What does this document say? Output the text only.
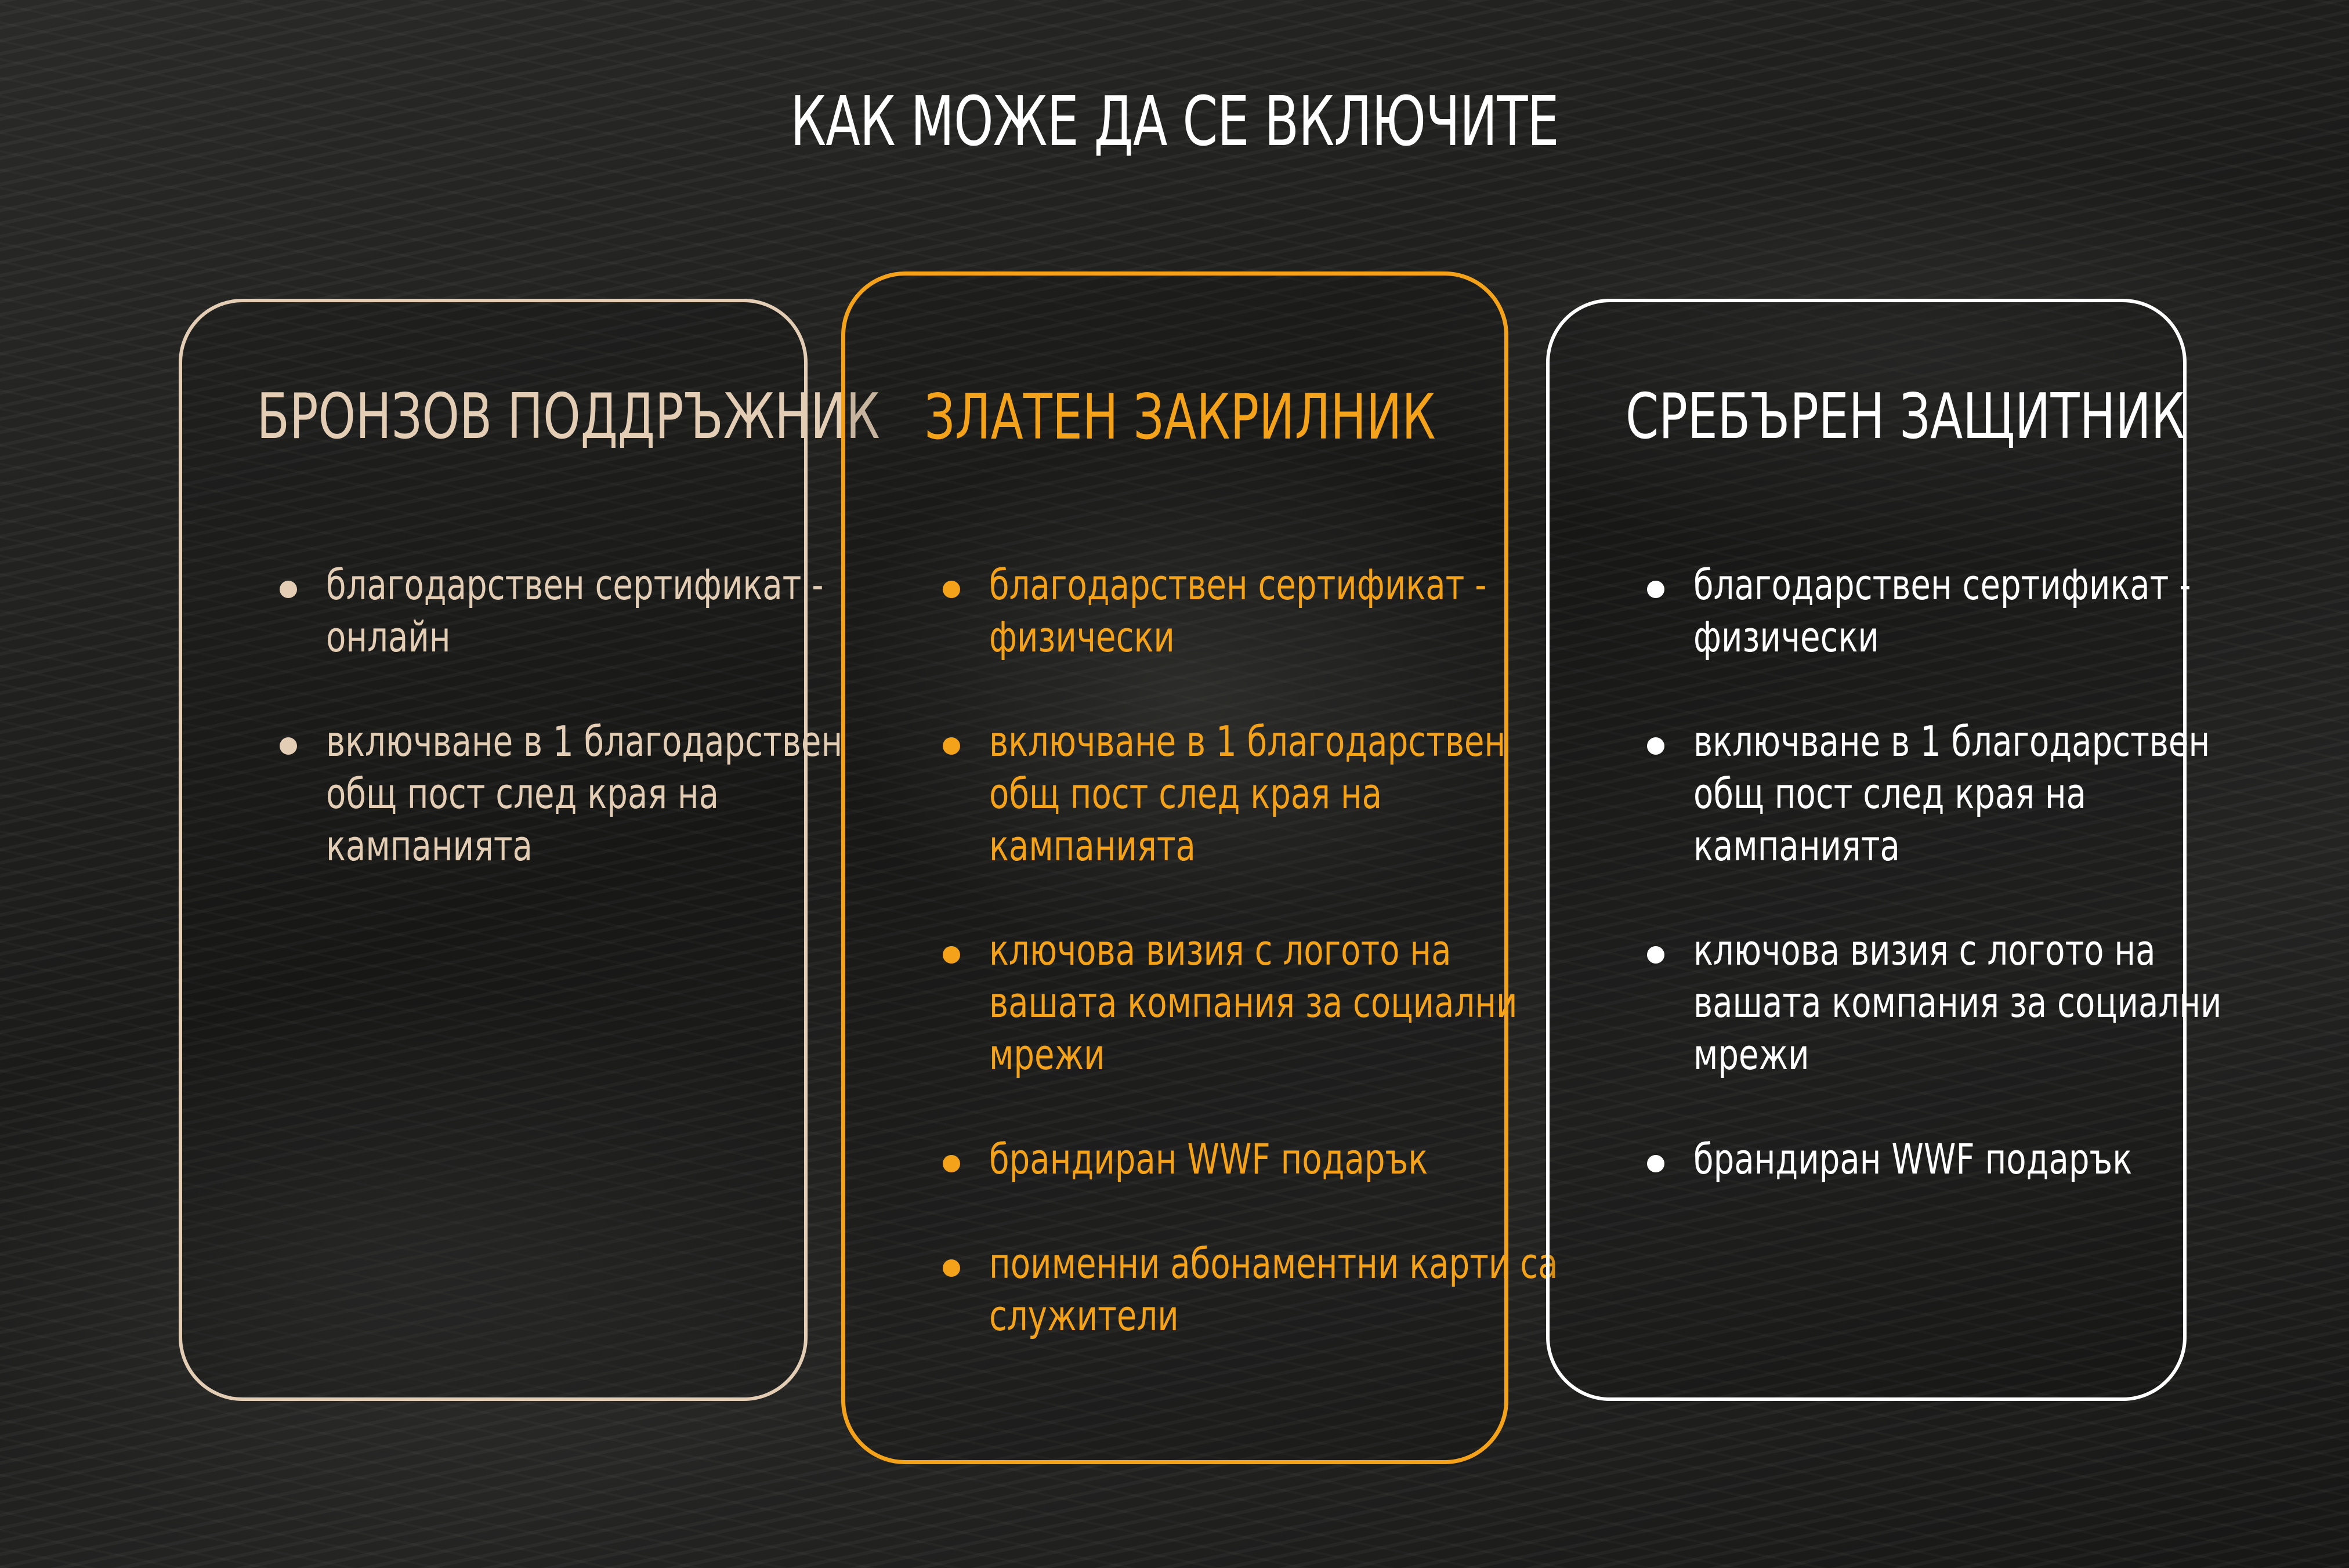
КАК МОЖЕ ДА СЕ ВКЛЮЧИТЕ
БРОНЗОВ ПОДДРЪЖНИК
благодарствен сертификат - онлайн
включване в 1 благодарствен общ пост след края на кампанията
ЗЛАТЕН ЗАКРИЛНИК
благодарствен сертификат - физически
включване в 1 благодарствен общ пост след края на кампанията
ключова визия с логото на вашата компания за социални мрежи
брандиран WWF подарък
поименни абонаментни карти са служители
СРЕБЪРЕН ЗАЩИТНИК
благодарствен сертификат - физически
включване в 1 благодарствен общ пост след края на кампанията
ключова визия с логото на вашата компания за социални мрежи
брандиран WWF подарък
